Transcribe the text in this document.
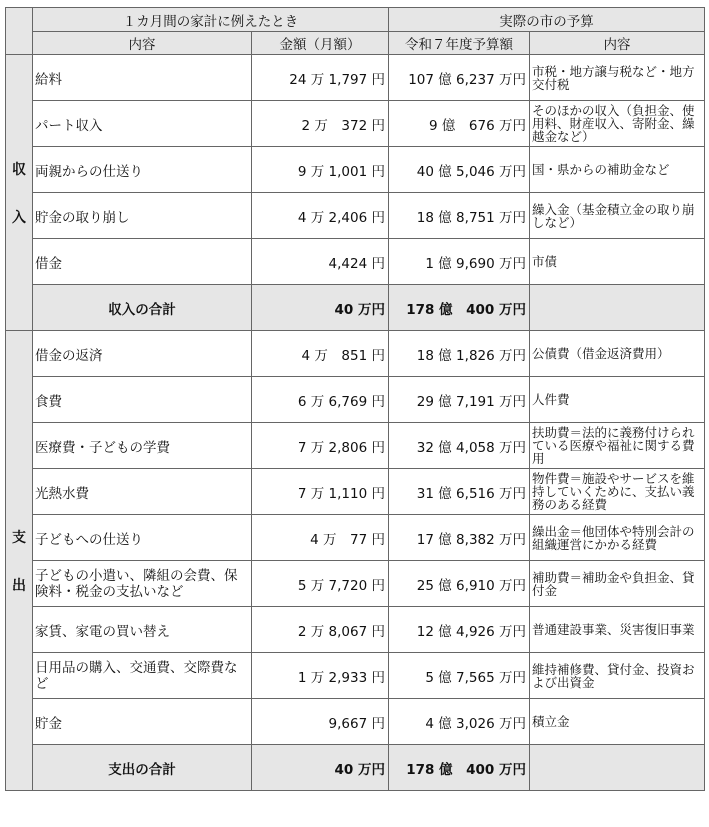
	１カ月間の家計に例えたとき		実際の市の予算	
	内容	金額（月額）	令和７年度予算額	内容

収
入	給料	24 万 1,797 円	107 億 6,237 万円	市税・地方譲与税など・地方交付税
	パート収入	2 万　372 円	9 億　676 万円	そのほかの収入（負担金、使用料、財産収入、寄附金、繰越金など）
	両親からの仕送り	9 万 1,001 円	40 億 5,046 万円	国・県からの補助金など
	貯金の取り崩し	4 万 2,406 円	18 億 8,751 万円	繰入金（基金積立金の取り崩しなど）
	借金	4,424 円	1 億 9,690 万円	市債
	収入の合計	40 万円	178 億　400 万円	

支
出	借金の返済	4 万　851 円	18 億 1,826 万円	公債費（借金返済費用）
	食費	6 万 6,769 円	29 億 7,191 万円	人件費
	医療費・子どもの学費	7 万 2,806 円	32 億 4,058 万円	扶助費＝法的に義務付けられている医療や福祉に関する費用
	光熱水費	7 万 1,110 円	31 億 6,516 万円	物件費＝施設やサービスを維持していくために、支払い義務のある経費
	子どもへの仕送り	4 万　77 円	17 億 8,382 万円	繰出金＝他団体や特別会計の組織運営にかかる経費
	子どもの小遣い、隣組の会費、保険料・税金の支払いなど	5 万 7,720 円	25 億 6,910 万円	補助費＝補助金や負担金、貸付金
	家賃、家電の買い替え	2 万 8,067 円	12 億 4,926 万円	普通建設事業、災害復旧事業
	日用品の購入、交通費、交際費など	1 万 2,933 円	5 億 7,565 万円	維持補修費、貸付金、投資および出資金
	貯金	9,667 円	4 億 3,026 万円	積立金
	支出の合計	40 万円	178 億　400 万円	
